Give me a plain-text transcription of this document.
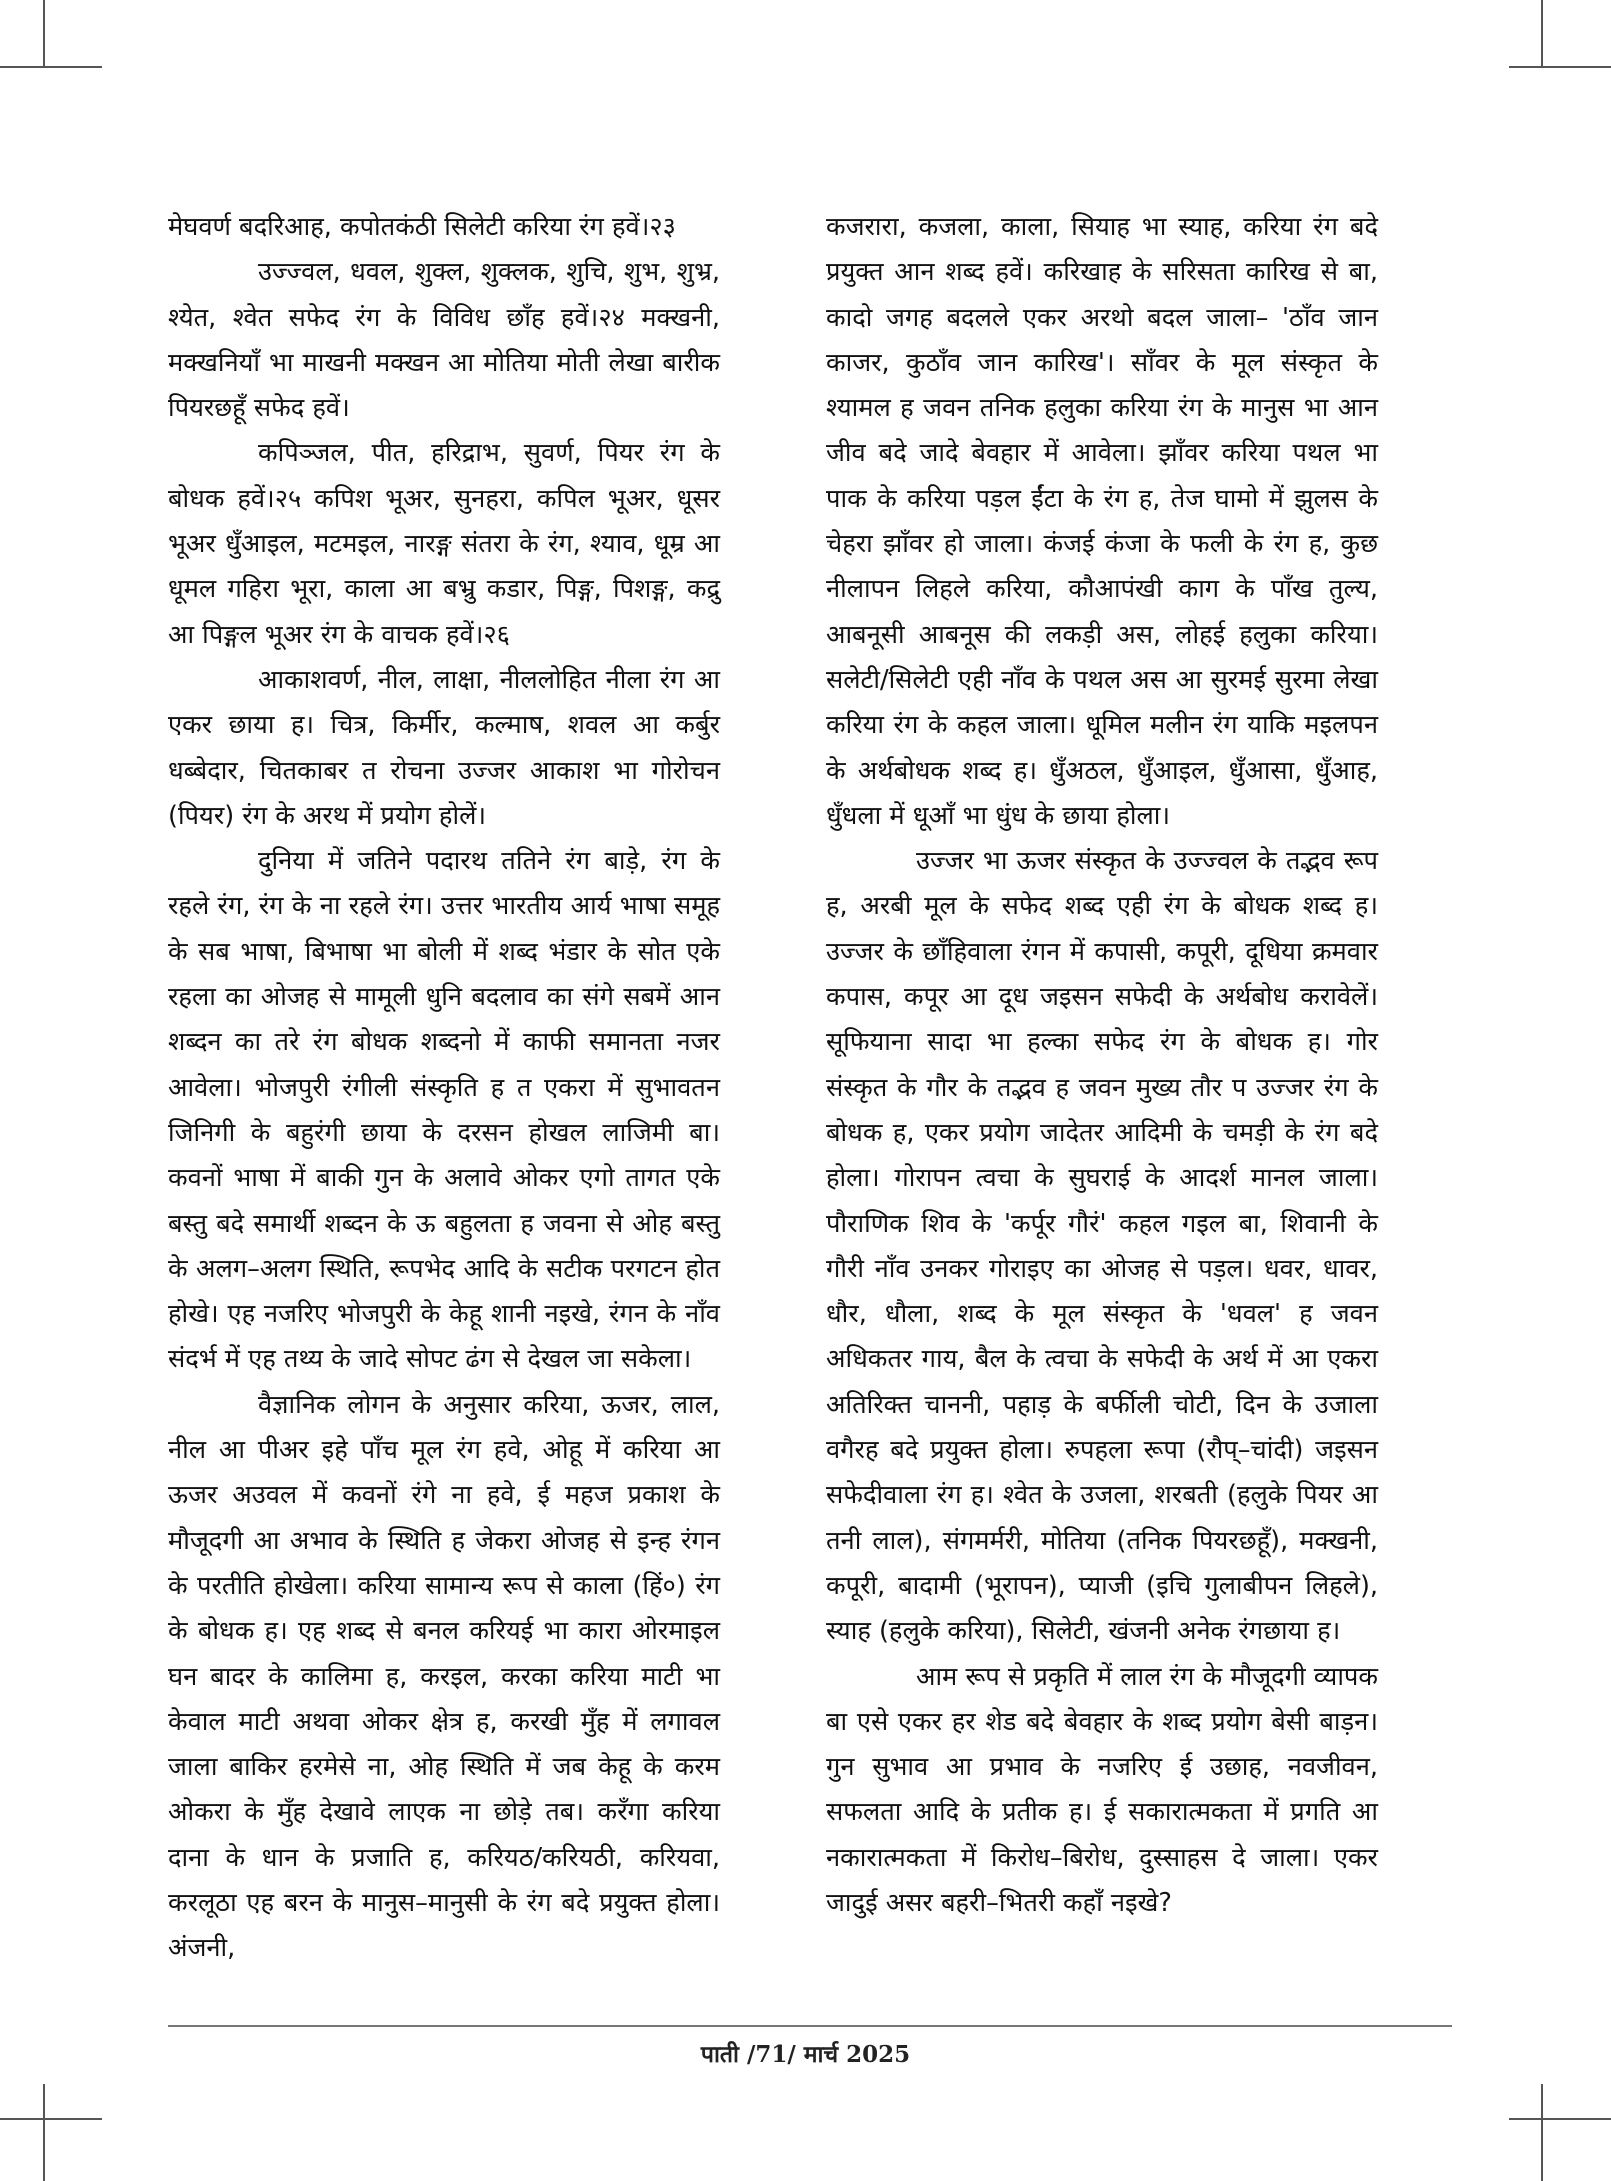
मेघवर्ण बदरिआह, कपोतकंठी सिलेटी करिया रंग हवें।२३

उज्ज्वल, धवल, शुक्ल, शुक्लक, शुचि, शुभ, शुभ्र, श्येत, श्वेत सफेद रंग के विविध छाँह हवें।२४ मक्खनी, मक्खनियाँ भा माखनी मक्खन आ मोतिया मोती लेखा बारीक पियरछहूँ सफेद हवें।

कपिञ्जल, पीत, हरिद्राभ, सुवर्ण, पियर रंग के बोधक हवें।२५ कपिश भूअर, सुनहरा, कपिल भूअर, धूसर भूअर धुँआइल, मटमइल, नारङ्ग संतरा के रंग, श्याव, धूम्र आ धूमल गहिरा भूरा, काला आ बभ्रु कडार, पिङ्ग, पिशङ्ग, कद्रु आ पिङ्गल भूअर रंग के वाचक हवें।२६

आकाशवर्ण, नील, लाक्षा, नीललोहित नीला रंग आ एकर छाया ह। चित्र, किर्मीर, कल्माष, शवल आ कर्बुर धब्बेदार, चितकाबर त रोचना उज्जर आकाश भा गोरोचन (पियर) रंग के अरथ में प्रयोग होलें।

दुनिया में जतिने पदारथ ततिने रंग बाड़े, रंग के रहले रंग, रंग के ना रहले रंग। उत्तर भारतीय आर्य भाषा समूह के सब भाषा, बिभाषा भा बोली में शब्द भंडार के सोत एके रहला का ओजह से मामूली धुनि बदलाव का संगे सबमें आन शब्दन का तरे रंग बोधक शब्दनो में काफी समानता नजर आवेला। भोजपुरी रंगीली संस्कृति ह त एकरा में सुभावतन जिनिगी के बहुरंगी छाया के दरसन होखल लाजिमी बा। कवनों भाषा में बाकी गुन के अलावे ओकर एगो तागत एके बस्तु बदे समार्थी शब्दन के ऊ बहुलता ह जवना से ओह बस्तु के अलग–अलग स्थिति, रूपभेद आदि के सटीक परगटन होत होखे। एह नजरिए भोजपुरी के केहू शानी नइखे, रंगन के नाँव संदर्भ में एह तथ्य के जादे सोपट ढंग से देखल जा सकेला।

वैज्ञानिक लोगन के अनुसार करिया, ऊजर, लाल, नील आ पीअर इहे पाँच मूल रंग हवे, ओहू में करिया आ ऊजर अउवल में कवनों रंगे ना हवे, ई महज प्रकाश के मौजूदगी आ अभाव के स्थिति ह जेकरा ओजह से इन्ह रंगन के परतीति होखेला। करिया सामान्य रूप से काला (हिं०) रंग के बोधक ह। एह शब्द से बनल करियई भा कारा ओरमाइल घन बादर के कालिमा ह, करइल, करका करिया माटी भा केवाल माटी अथवा ओकर क्षेत्र ह, करखी मुँह में लगावल जाला बाकिर हरमेसे ना, ओह स्थिति में जब केहू के करम ओकरा के मुँह देखावे लाएक ना छोड़े तब। करँगा करिया दाना के धान के प्रजाति ह, करियठ/करियठी, करियवा, करलूठा एह बरन के मानुस–मानुसी के रंग बदे प्रयुक्त होला। अंजनी,

कजरारा, कजला, काला, सियाह भा स्याह, करिया रंग बदे प्रयुक्त आन शब्द हवें। करिखाह के सरिसता कारिख से बा, कादो जगह बदलले एकर अरथो बदल जाला– 'ठाँव जान काजर, कुठाँव जान कारिख'। साँवर के मूल संस्कृत के श्यामल ह जवन तनिक हलुका करिया रंग के मानुस भा आन जीव बदे जादे बेवहार में आवेला। झाँवर करिया पथल भा पाक के करिया पड़ल ईंटा के रंग ह, तेज घामो में झुलस के चेहरा झाँवर हो जाला। कंजई कंजा के फली के रंग ह, कुछ नीलापन लिहले करिया, कौआपंखी काग के पाँख तुल्य, आबनूसी आबनूस की लकड़ी अस, लोहई हलुका करिया। सलेटी/सिलेटी एही नाँव के पथल अस आ सुरमई सुरमा लेखा करिया रंग के कहल जाला। धूमिल मलीन रंग याकि मइलपन के अर्थबोधक शब्द ह। धुँअठल, धुँआइल, धुँआसा, धुँआह, धुँधला में धूआँ भा धुंध के छाया होला।

उज्जर भा ऊजर संस्कृत के उज्ज्वल के तद्भव रूप ह, अरबी मूल के सफेद शब्द एही रंग के बोधक शब्द ह। उज्जर के छाँहिवाला रंगन में कपासी, कपूरी, दूधिया क्रमवार कपास, कपूर आ दूध जइसन सफेदी के अर्थबोध करावेलें। सूफियाना सादा भा हल्का सफेद रंग के बोधक ह। गोर संस्कृत के गौर के तद्भव ह जवन मुख्य तौर प उज्जर रंग के बोधक ह, एकर प्रयोग जादेतर आदिमी के चमड़ी के रंग बदे होला। गोरापन त्वचा के सुघराई के आदर्श मानल जाला। पौराणिक शिव के 'कर्पूर गौरं' कहल गइल बा, शिवानी के गौरी नाँव उनकर गोराइए का ओजह से पड़ल। धवर, धावर, धौर, धौला, शब्द के मूल संस्कृत के 'धवल' ह जवन अधिकतर गाय, बैल के त्वचा के सफेदी के अर्थ में आ एकरा अतिरिक्त चाननी, पहाड़ के बर्फीली चोटी, दिन के उजाला वगैरह बदे प्रयुक्त होला। रुपहला रूपा (रौप्–चांदी) जइसन सफेदीवाला रंग ह। श्वेत के उजला, शरबती (हलुके पियर आ तनी लाल), संगमर्मरी, मोतिया (तनिक पियरछहूँ), मक्खनी, कपूरी, बादामी (भूरापन), प्याजी (इचि गुलाबीपन लिहले), स्याह (हलुके करिया), सिलेटी, खंजनी अनेक रंगछाया ह।

आम रूप से प्रकृति में लाल रंग के मौजूदगी व्यापक बा एसे एकर हर शेड बदे बेवहार के शब्द प्रयोग बेसी बाड़न। गुन सुभाव आ प्रभाव के नजरिए ई उछाह, नवजीवन, सफलता आदि के प्रतीक ह। ई सकारात्मकता में प्रगति आ नकारात्मकता में किरोध–बिरोध, दुस्साहस दे जाला। एकर जादुई असर बहरी–भितरी कहाँ नइखे?

पाती /71/ मार्च 2025
